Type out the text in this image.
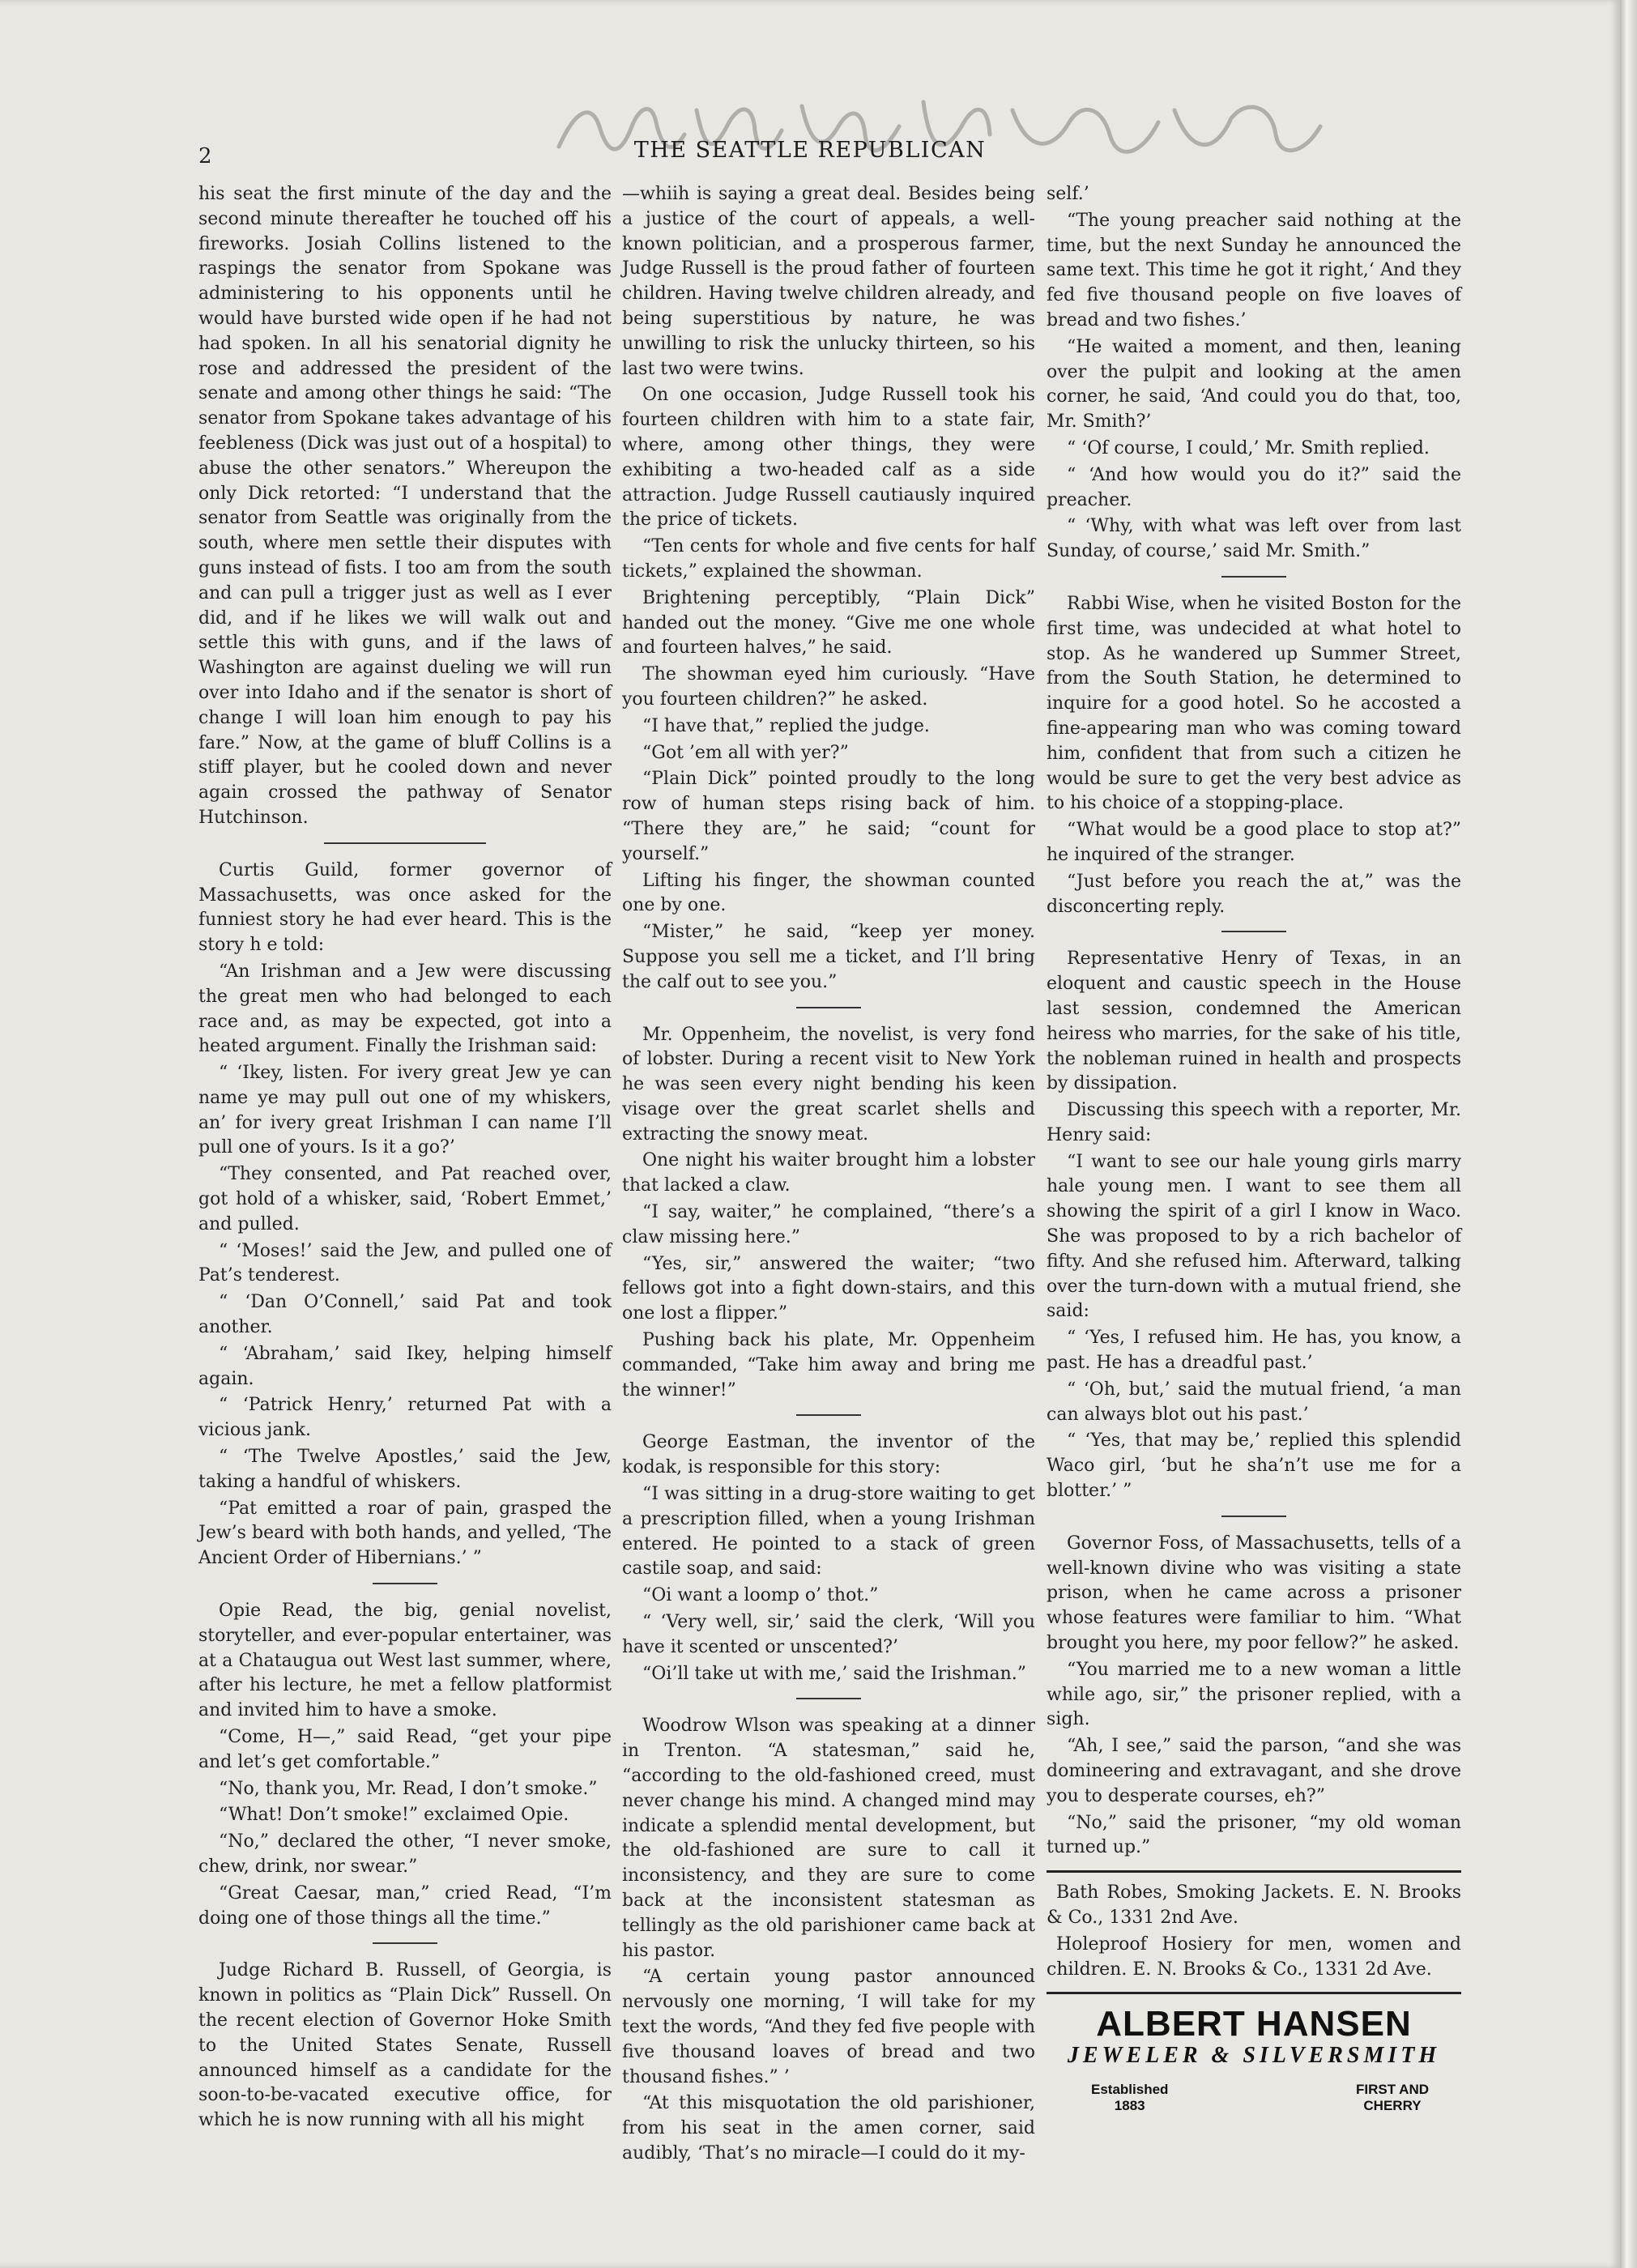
2	THE SEATTLE REPUBLICAN

his seat the first minute of the day and the second minute thereafter he touched off his fireworks. Josiah Collins listened to the raspings the senator from Spokane was administering to his opponents until he would have bursted wide open if he had not had spoken. In all his senatorial dignity he rose and addressed the president of the senate and among other things he said: “The senator from Spokane takes advantage of his feebleness (Dick was just out of a hospital) to abuse the other senators.” Whereupon the only Dick retorted: “I understand that the senator from Seattle was originally from the south, where men settle their disputes with guns instead of fists. I too am from the south and can pull a trigger just as well as I ever did, and if he likes we will walk out and settle this with guns, and if the laws of Washington are against dueling we will run over into Idaho and if the senator is short of change I will loan him enough to pay his fare.” Now, at the game of bluff Collins is a stiff player, but he cooled down and never again crossed the pathway of Senator Hutchinson.

Curtis Guild, former governor of Massachusetts, was once asked for the funniest story he had ever heard. This is the story h e told:

“An Irishman and a Jew were discussing the great men who had belonged to each race and, as may be expected, got into a heated argument. Finally the Irishman said:

“ ‘Ikey, listen. For ivery great Jew ye can name ye may pull out one of my whiskers, an’ for ivery great Irishman I can name I’ll pull one of yours. Is it a go?’

“They consented, and Pat reached over, got hold of a whisker, said, ‘Robert Emmet,’ and pulled.

“ ‘Moses!’ said the Jew, and pulled one of Pat’s tenderest.

“ ‘Dan O’Connell,’ said Pat and took another.

“ ‘Abraham,’ said Ikey, helping himself again.

“ ‘Patrick Henry,’ returned Pat with a vicious jank.

“ ‘The Twelve Apostles,’ said the Jew, taking a handful of whiskers.

“Pat emitted a roar of pain, grasped the Jew’s beard with both hands, and yelled, ‘The Ancient Order of Hibernians.’ ”

Opie Read, the big, genial novelist, storyteller, and ever-popular entertainer, was at a Chataugua out West last summer, where, after his lecture, he met a fellow platformist and invited him to have a smoke.

“Come, H—,” said Read, “get your pipe and let’s get comfortable.”

“No, thank you, Mr. Read, I don’t smoke.”

“What! Don’t smoke!” exclaimed Opie.

“No,” declared the other, “I never smoke, chew, drink, nor swear.”

“Great Caesar, man,” cried Read, “I’m doing one of those things all the time.”

Judge Richard B. Russell, of Georgia, is known in politics as “Plain Dick” Russell. On the recent election of Governor Hoke Smith to the United States Senate, Russell announced himself as a candidate for the soon-to-be-vacated executive office, for which he is now running with all his might

—whiih is saying a great deal. Besides being a justice of the court of appeals, a well-known politician, and a prosperous farmer, Judge Russell is the proud father of fourteen children. Having twelve children already, and being superstitious by nature, he was unwilling to risk the unlucky thirteen, so his last two were twins.

On one occasion, Judge Russell took his fourteen children with him to a state fair, where, among other things, they were exhibiting a two-headed calf as a side attraction. Judge Russell cautiausly inquired the price of tickets.

“Ten cents for whole and five cents for half tickets,” explained the showman.

Brightening perceptibly, “Plain Dick” handed out the money. “Give me one whole and fourteen halves,” he said.

The showman eyed him curiously. “Have you fourteen children?” he asked.

“I have that,” replied the judge.

“Got ’em all with yer?”

“Plain Dick” pointed proudly to the long row of human steps rising back of him. “There they are,” he said; “count for yourself.”

Lifting his finger, the showman counted one by one.

“Mister,” he said, “keep yer money. Suppose you sell me a ticket, and I’ll bring the calf out to see you.”

Mr. Oppenheim, the novelist, is very fond of lobster. During a recent visit to New York he was seen every night bending his keen visage over the great scarlet shells and extracting the snowy meat.

One night his waiter brought him a lobster that lacked a claw.

“I say, waiter,” he complained, “there’s a claw missing here.”

“Yes, sir,” answered the waiter; “two fellows got into a fight down-stairs, and this one lost a flipper.”

Pushing back his plate, Mr. Oppenheim commanded, “Take him away and bring me the winner!”

George Eastman, the inventor of the kodak, is responsible for this story:

“I was sitting in a drug-store waiting to get a prescription filled, when a young Irishman entered. He pointed to a stack of green castile soap, and said:

“Oi want a loomp o’ thot.”

“ ‘Very well, sir,’ said the clerk, ‘Will you have it scented or unscented?’

“Oi’ll take ut with me,’ said the Irishman.”

Woodrow Wlson was speaking at a dinner in Trenton. “A statesman,” said he, “according to the old-fashioned creed, must never change his mind. A changed mind may indicate a splendid mental development, but the old-fashioned are sure to call it inconsistency, and they are sure to come back at the inconsistent statesman as tellingly as the old parishioner came back at his pastor.

“A certain young pastor announced nervously one morning, ‘I will take for my text the words, “And they fed five people with five thousand loaves of bread and two thousand fishes.” ’

“At this misquotation the old parishioner, from his seat in the amen corner, said audibly, ‘That’s no miracle—I could do it my-

self.’

“The young preacher said nothing at the time, but the next Sunday he announced the same text. This time he got it right,‘ And they fed five thousand people on five loaves of bread and two fishes.’

“He waited a moment, and then, leaning over the pulpit and looking at the amen corner, he said, ‘And could you do that, too, Mr. Smith?’

“ ‘Of course, I could,’ Mr. Smith replied.

“ ‘And how would you do it?” said the preacher.

“ ‘Why, with what was left over from last Sunday, of course,’ said Mr. Smith.”

Rabbi Wise, when he visited Boston for the first time, was undecided at what hotel to stop. As he wandered up Summer Street, from the South Station, he determined to inquire for a good hotel. So he accosted a fine-appearing man who was coming toward him, confident that from such a citizen he would be sure to get the very best advice as to his choice of a stopping-place.

“What would be a good place to stop at?” he inquired of the stranger.

“Just before you reach the at,” was the disconcerting reply.

Representative Henry of Texas, in an eloquent and caustic speech in the House last session, condemned the American heiress who marries, for the sake of his title, the nobleman ruined in health and prospects by dissipation.

Discussing this speech with a reporter, Mr. Henry said:

“I want to see our hale young girls marry hale young men. I want to see them all showing the spirit of a girl I know in Waco. She was proposed to by a rich bachelor of fifty. And she refused him. Afterward, talking over the turn-down with a mutual friend, she said:

“ ‘Yes, I refused him. He has, you know, a past. He has a dreadful past.’

“ ‘Oh, but,’ said the mutual friend, ‘a man can always blot out his past.’

“ ‘Yes, that may be,’ replied this splendid Waco girl, ‘but he sha’n’t use me for a blotter.’ ”

Governor Foss, of Massachusetts, tells of a well-known divine who was visiting a state prison, when he came across a prisoner whose features were familiar to him. “What brought you here, my poor fellow?” he asked.

“You married me to a new woman a little while ago, sir,” the prisoner replied, with a sigh.

“Ah, I see,” said the parson, “and she was domineering and extravagant, and she drove you to desperate courses, eh?”

“No,” said the prisoner, “my old woman turned up.”

Bath Robes, Smoking Jackets. E. N. Brooks & Co., 1331 2nd Ave.

Holeproof Hosiery for men, women and children. E. N. Brooks & Co., 1331 2d Ave.

ALBERT HANSEN
JEWELER & SILVERSMITH
Established
1883
FIRST AND
CHERRY
